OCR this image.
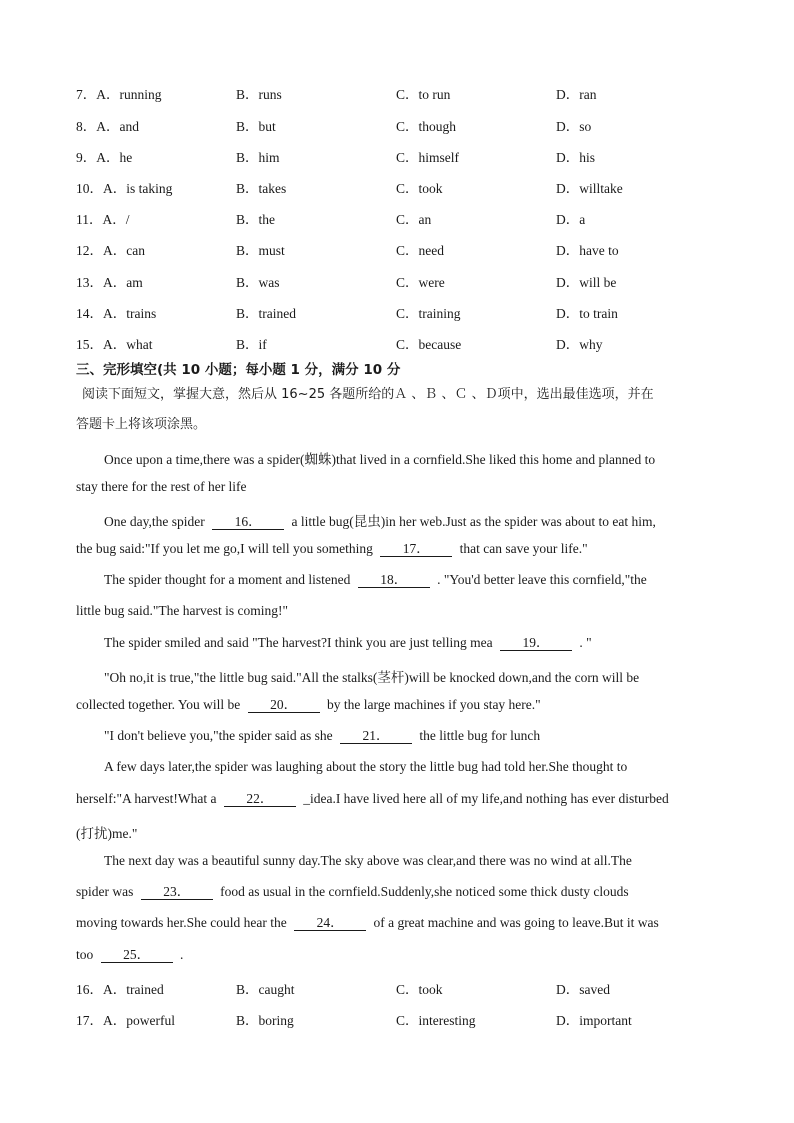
7．A．running	B．runs	C．to run	D．ran
8．A．and	B．but	C．though	D．so
9．A．he	B．him	C．himself	D．his
10．A．is taking	B．takes	C．took	D．willtake
11．A．/	B．the	C．an	D．a
12．A．can	B．must	C．need	D．have to
13．A．am	B．was	C．were	D．will be
14．A．trains	B．trained	C．training	D．to train
15．A．what	B．if	C．because	D．why
三、完形填空(共 10 小题；每小题 1 分，满分 10 分
阅读下面短文，掌握大意，然后从 16~25 各题所给的Ａ 、Ｂ 、Ｃ 、Ｄ项中，选出最佳选项，并在
答题卡上将该项涂黑。
Once upon a time,there was a spider(蜘蛛)that lived in a cornfield.She liked this home and planned to
stay there for the rest of her life
One day,the spider 16． a little bug(昆虫)in her web.Just as the spider was about to eat him,
the bug said:"If you let me go,I will tell you something 17． that can save your life."
The spider thought for a moment and listened 18． . "You'd better leave this cornfield,"the
little bug said."The harvest is coming!"
The spider smiled and said "The harvest?I think you are just telling mea 19． . "
"Oh no,it is true,"the little bug said."All the stalks(茎杆)will be knocked down,and the corn will be
collected together. You will be 20． by the large machines if you stay here."
"I don't believe you,"the spider said as she 21． the little bug for lunch
A few days later,the spider was laughing about the story the little bug had told her.She thought to
herself:"A harvest!What a 22． _idea.I have lived here all of my life,and nothing has ever disturbed
(打扰)me."
The next day was a beautiful sunny day.The sky above was clear,and there was no wind at all.The
spider was 23． food as usual in the cornfield.Suddenly,she noticed some thick dusty clouds
moving towards her.She could hear the 24． of a great machine and was going to leave.But it was
too 25． .
16．A．trained	B．caught	C．took	D．saved
17．A．powerful	B．boring	C．interesting	D．important
